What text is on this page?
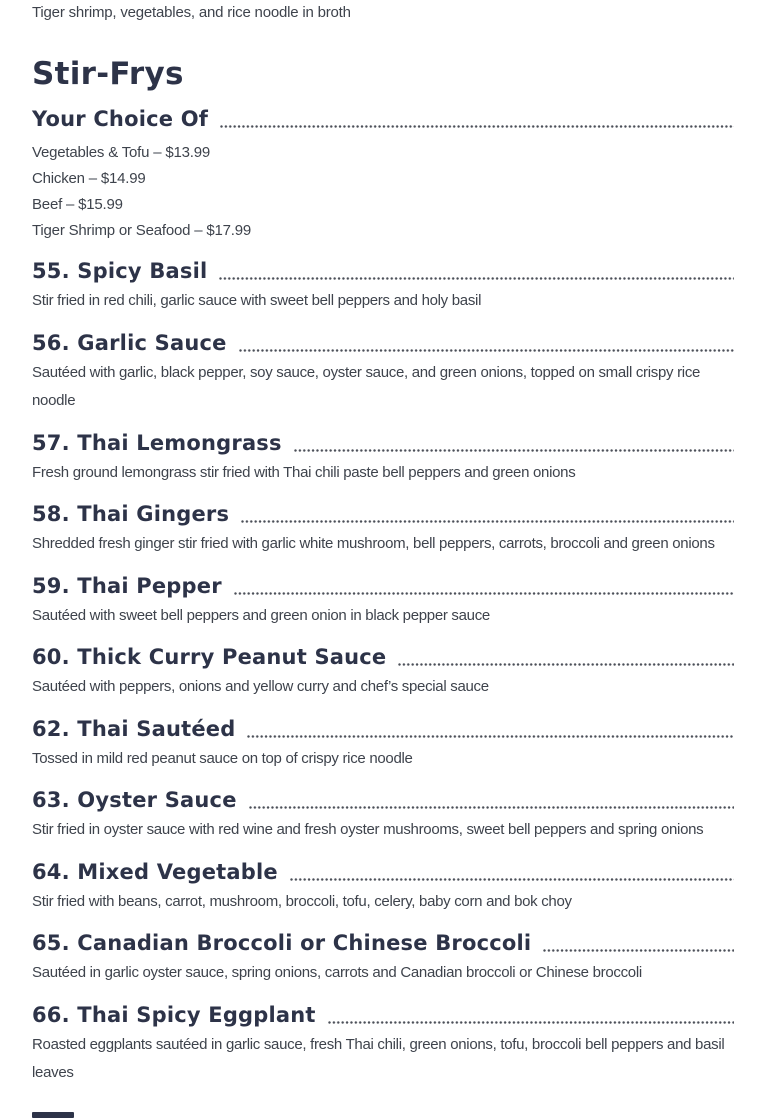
Tiger shrimp, vegetables, and rice noodle in broth

Stir-Frys
Your Choice Of

Vegetables & Tofu – $13.99

Chicken – $14.99

Beef – $15.99

Tiger Shrimp or Seafood – $17.99

55. Spicy Basil

Stir fried in red chili, garlic sauce with sweet bell peppers and holy basil

56. Garlic Sauce

Sautéed with garlic, black pepper, soy sauce, oyster sauce, and green onions, topped on small crispy rice noodle

57. Thai Lemongrass

Fresh ground lemongrass stir fried with Thai chili paste bell peppers and green onions

58. Thai Gingers

Shredded fresh ginger stir fried with garlic white mushroom, bell peppers, carrots, broccoli and green onions

59. Thai Pepper

Sautéed with sweet bell peppers and green onion in black pepper sauce

60. Thick Curry Peanut Sauce

Sautéed with peppers, onions and yellow curry and chef’s special sauce

62. Thai Sautéed

Tossed in mild red peanut sauce on top of crispy rice noodle

63. Oyster Sauce

Stir fried in oyster sauce with red wine and fresh oyster mushrooms, sweet bell peppers and spring onions

64. Mixed Vegetable

Stir fried with beans, carrot, mushroom, broccoli, tofu, celery, baby corn and bok choy

65. Canadian Broccoli or Chinese Broccoli

Sautéed in garlic oyster sauce, spring onions, carrots and Canadian broccoli or Chinese broccoli

66. Thai Spicy Eggplant

Roasted eggplants sautéed in garlic sauce, fresh Thai chili, green onions, tofu, broccoli bell peppers and basil leaves
